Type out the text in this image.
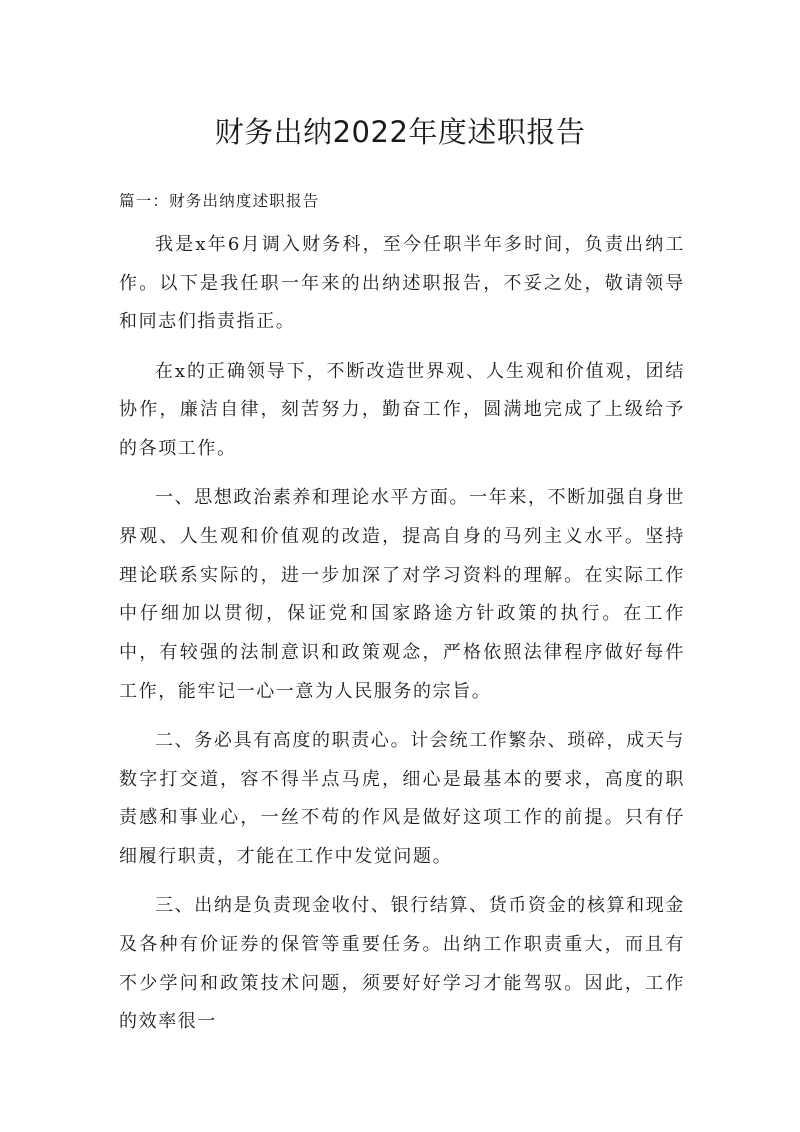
财务出纳2022年度述职报告
篇一：财务出纳度述职报告

我是x年6月调入财务科，至今任职半年多时间，负责出纳工作。以下是我任职一年来的出纳述职报告，不妥之处，敬请领导和同志们指责指正。

在x的正确领导下，不断改造世界观、人生观和价值观，团结协作，廉洁自律，刻苦努力，勤奋工作，圆满地完成了上级给予的各项工作。

一、思想政治素养和理论水平方面。一年来，不断加强自身世界观、人生观和价值观的改造，提高自身的马列主义水平。坚持理论联系实际的，进一步加深了对学习资料的理解。在实际工作中仔细加以贯彻，保证党和国家路途方针政策的执行。在工作中，有较强的法制意识和政策观念，严格依照法律程序做好每件工作，能牢记一心一意为人民服务的宗旨。

二、务必具有高度的职责心。计会统工作繁杂、琐碎，成天与数字打交道，容不得半点马虎，细心是最基本的要求，高度的职责感和事业心，一丝不苟的作风是做好这项工作的前提。只有仔细履行职责，才能在工作中发觉问题。

三、出纳是负责现金收付、银行结算、货币资金的核算和现金及各种有价证券的保管等重要任务。出纳工作职责重大，而且有不少学问和政策技术问题，须要好好学习才能驾驭。因此，工作的效率很一
